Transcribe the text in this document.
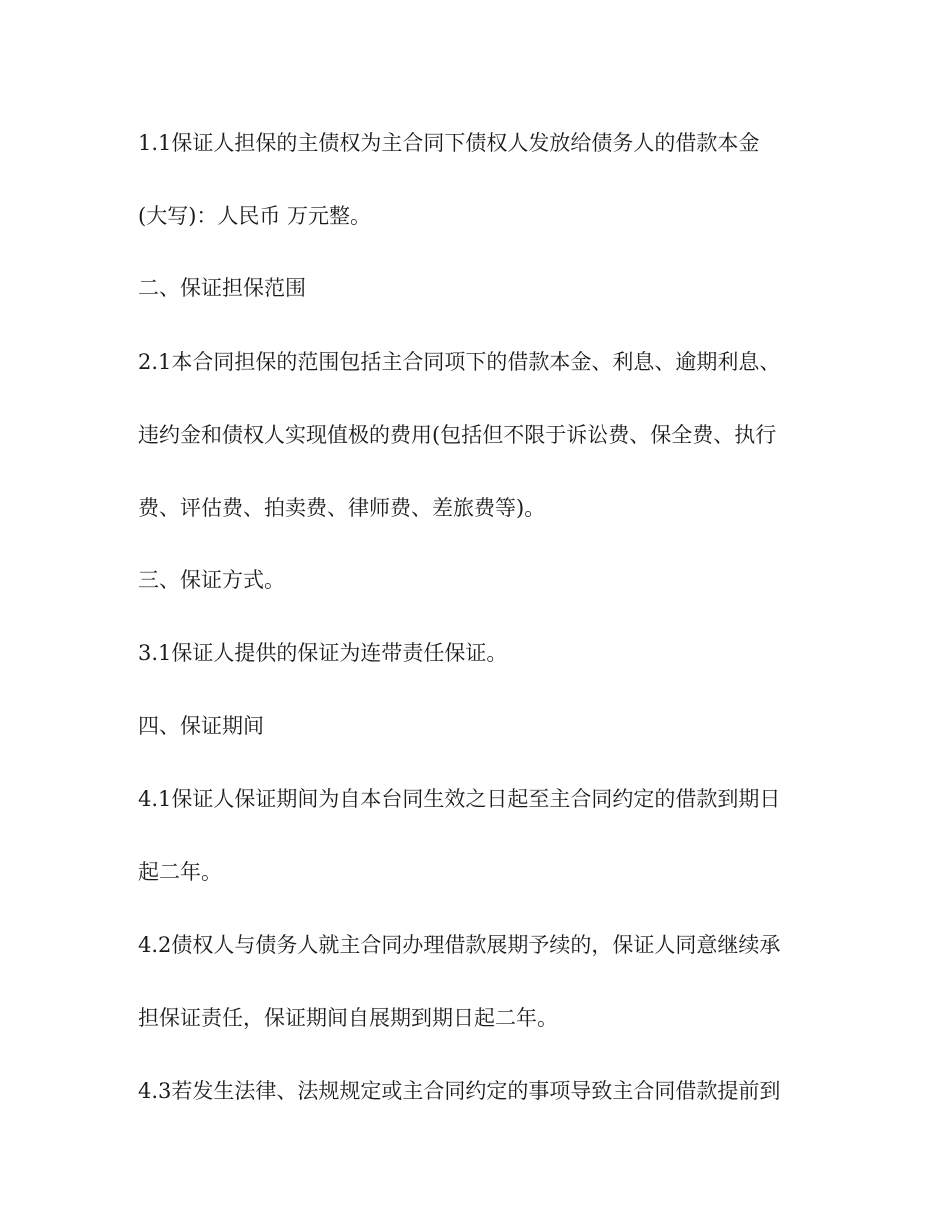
1.1保证人担保的主债权为主合同下债权人发放给债务人的借款本金
(大写)：人民币 万元整。
二、保证担保范围
2.1本合同担保的范围包括主合同项下的借款本金、利息、逾期利息、
违约金和债权人实现值极的费用(包括但不限于诉讼费、保全费、执行
费、评估费、拍卖费、律师费、差旅费等)。
三、保证方式。
3.1保证人提供的保证为连带责任保证。
四、保证期间
4.1保证人保证期间为自本台同生效之日起至主合同约定的借款到期日
起二年。
4.2债权人与债务人就主合同办理借款展期予续的，保证人同意继续承
担保证责任，保证期间自展期到期日起二年。
4.3若发生法律、法规规定或主合同约定的事项导致主合同借款提前到
